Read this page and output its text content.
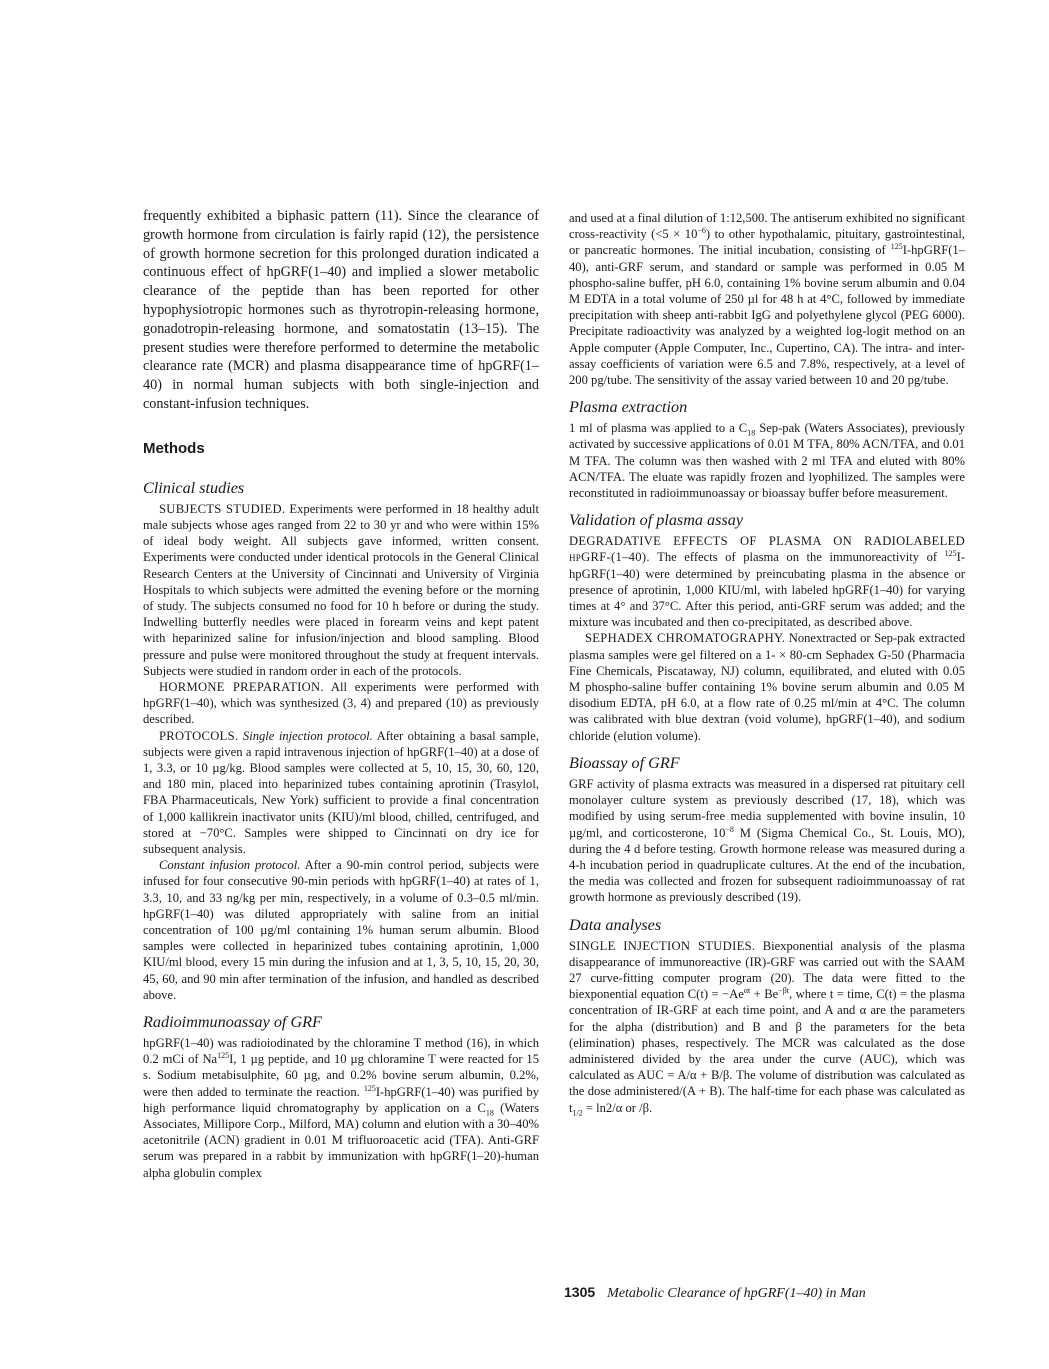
frequently exhibited a biphasic pattern (11). Since the clearance of growth hormone from circulation is fairly rapid (12), the persistence of growth hormone secretion for this prolonged duration indicated a continuous effect of hpGRF(1–40) and implied a slower metabolic clearance of the peptide than has been reported for other hypophysiotropic hormones such as thyrotropin-releasing hormone, gonadotropin-releasing hormone, and somatostatin (13–15). The present studies were therefore performed to determine the metabolic clearance rate (MCR) and plasma disappearance time of hpGRF(1–40) in normal human subjects with both single-injection and constant-infusion techniques.

Methods
Clinical studies

SUBJECTS STUDIED. Experiments were performed in 18 healthy adult male subjects whose ages ranged from 22 to 30 yr and who were within 15% of ideal body weight. All subjects gave informed, written consent. Experiments were conducted under identical protocols in the General Clinical Research Centers at the University of Cincinnati and University of Virginia Hospitals to which subjects were admitted the evening before or the morning of study. The subjects consumed no food for 10 h before or during the study. Indwelling butterfly needles were placed in forearm veins and kept patent with heparinized saline for infusion/injection and blood sampling. Blood pressure and pulse were monitored throughout the study at frequent intervals. Subjects were studied in random order in each of the protocols.

HORMONE PREPARATION. All experiments were performed with hpGRF(1–40), which was synthesized (3, 4) and prepared (10) as previously described.

PROTOCOLS. Single injection protocol. After obtaining a basal sample, subjects were given a rapid intravenous injection of hpGRF(1–40) at a dose of 1, 3.3, or 10 µg/kg. Blood samples were collected at 5, 10, 15, 30, 60, 120, and 180 min, placed into heparinized tubes containing aprotinin (Trasylol, FBA Pharmaceuticals, New York) sufficient to provide a final concentration of 1,000 kallikrein inactivator units (KIU)/ml blood, chilled, centrifuged, and stored at −70°C. Samples were shipped to Cincinnati on dry ice for subsequent analysis.

Constant infusion protocol. After a 90-min control period, subjects were infused for four consecutive 90-min periods with hpGRF(1–40) at rates of 1, 3.3, 10, and 33 ng/kg per min, respectively, in a volume of 0.3–0.5 ml/min. hpGRF(1–40) was diluted appropriately with saline from an initial concentration of 100 µg/ml containing 1% human serum albumin. Blood samples were collected in heparinized tubes containing aprotinin, 1,000 KIU/ml blood, every 15 min during the infusion and at 1, 3, 5, 10, 15, 20, 30, 45, 60, and 90 min after termination of the infusion, and handled as described above.

Radioimmunoassay of GRF

hpGRF(1–40) was radioiodinated by the chloramine T method (16), in which 0.2 mCi of Na$^{125}$I, 1 µg peptide, and 10 µg chloramine T were reacted for 15 s. Sodium metabisulphite, 60 µg, and 0.2% bovine serum albumin, 0.2%, were then added to terminate the reaction. $^{125}$I-hpGRF(1–40) was purified by high performance liquid chromatography by application on a $C_{18}$ (Waters Associates, Millipore Corp., Milford, MA) column and elution with a 30–40% acetonitrile (ACN) gradient in 0.01 M trifluoroacetic acid (TFA). Anti-GRF serum was prepared in a rabbit by immunization with hpGRF(1–20)-human alpha globulin complex

and used at a final dilution of 1:12,500. The antiserum exhibited no significant cross-reactivity $(<5 \times 10^{-6})$ to other hypothalamic, pituitary, gastrointestinal, or pancreatic hormones. The initial incubation, consisting of $^{125}$I-hpGRF(1–40), anti-GRF serum, and standard or sample was performed in 0.05 M phospho-saline buffer, pH 6.0, containing 1% bovine serum albumin and 0.04 M EDTA in a total volume of 250 µl for 48 h at 4°C, followed by immediate precipitation with sheep anti-rabbit IgG and polyethylene glycol (PEG 6000). Precipitate radioactivity was analyzed by a weighted log-logit method on an Apple computer (Apple Computer, Inc., Cupertino, CA). The intra- and inter-assay coefficients of variation were 6.5 and 7.8%, respectively, at a level of 200 pg/tube. The sensitivity of the assay varied between 10 and 20 pg/tube.

Plasma extraction

1 ml of plasma was applied to a $C_{18}$ Sep-pak (Waters Associates), previously activated by successive applications of 0.01 M TFA, 80% ACN/TFA, and 0.01 M TFA. The column was then washed with 2 ml TFA and eluted with 80% ACN/TFA. The eluate was rapidly frozen and lyophilized. The samples were reconstituted in radioimmunoassay or bioassay buffer before measurement.

Validation of plasma assay

DEGRADATIVE EFFECTS OF PLASMA ON RADIOLABELED hpGRF-(1–40). The effects of plasma on the immunoreactivity of $^{125}$I-hpGRF(1–40) were determined by preincubating plasma in the absence or presence of aprotinin, 1,000 KIU/ml, with labeled hpGRF(1–40) for varying times at 4° and 37°C. After this period, anti-GRF serum was added; and the mixture was incubated and then co-precipitated, as described above.

SEPHADEX CHROMATOGRAPHY. Nonextracted or Sep-pak extracted plasma samples were gel filtered on a 1- × 80-cm Sephadex G-50 (Pharmacia Fine Chemicals, Piscataway, NJ) column, equilibrated, and eluted with 0.05 M phospho-saline buffer containing 1% bovine serum albumin and 0.05 M disodium EDTA, pH 6.0, at a flow rate of 0.25 ml/min at 4°C. The column was calibrated with blue dextran (void volume), hpGRF(1–40), and sodium chloride (elution volume).

Bioassay of GRF

GRF activity of plasma extracts was measured in a dispersed rat pituitary cell monolayer culture system as previously described (17, 18), which was modified by using serum-free media supplemented with bovine insulin, 10 µg/ml, and corticosterone, $10^{-8}$ M (Sigma Chemical Co., St. Louis, MO), during the 4 d before testing. Growth hormone release was measured during a 4-h incubation period in quadruplicate cultures. At the end of the incubation, the media was collected and frozen for subsequent radioimmunoassay of rat growth hormone as previously described (19).

Data analyses

SINGLE INJECTION STUDIES. Biexponential analysis of the plasma disappearance of immunoreactive (IR)-GRF was carried out with the SAAM 27 curve-fitting computer program (20). The data were fitted to the biexponential equation $C(t) = -Ae^{\alpha t} + Be^{-\beta t}$, where t = time, C(t) = the plasma concentration of IR-GRF at each time point, and A and α are the parameters for the alpha (distribution) and B and β the parameters for the beta (elimination) phases, respectively. The MCR was calculated as the dose administered divided by the area under the curve (AUC), which was calculated as AUC = A/α + B/β. The volume of distribution was calculated as the dose administered/(A + B). The half-time for each phase was calculated as $t_{1/2} = \ln 2/\alpha$ or /β.

1305 Metabolic Clearance of hpGRF(1–40) in Man
